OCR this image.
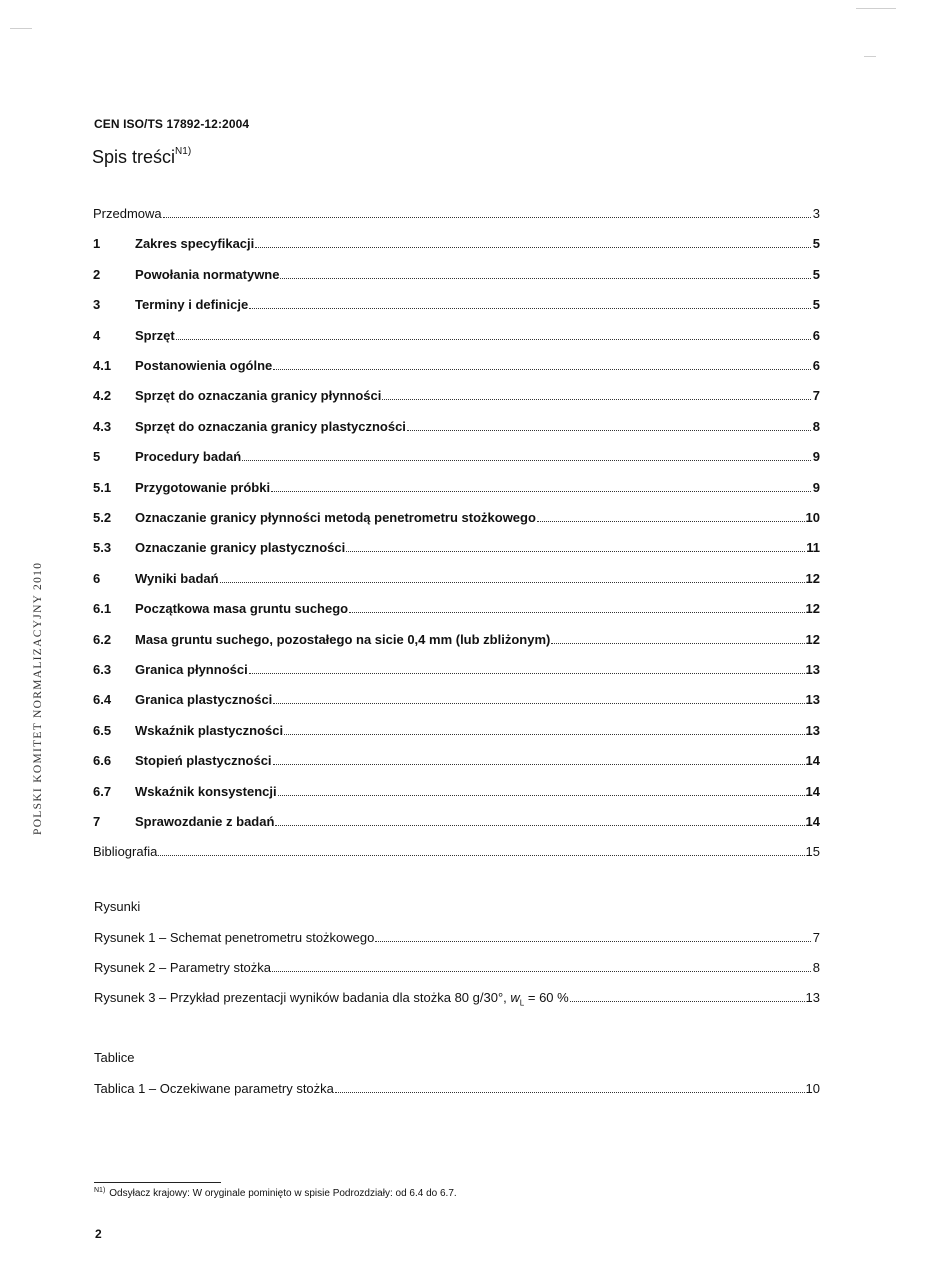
CEN ISO/TS 17892-12:2004
Spis treści$^{N1)}$
Przedmowa	3
1	Zakres specyfikacji	5
2	Powołania normatywne	5
3	Terminy i definicje	5
4	Sprzęt	6
4.1	Postanowienia ogólne	6
4.2	Sprzęt do oznaczania granicy płynności	7
4.3	Sprzęt do oznaczania granicy plastyczności	8
5	Procedury badań	9
5.1	Przygotowanie próbki	9
5.2	Oznaczanie granicy płynności metodą penetrometru stożkowego	10
5.3	Oznaczanie granicy plastyczności	11
6	Wyniki badań	12
6.1	Początkowa masa gruntu suchego	12
6.2	Masa gruntu suchego, pozostałego na sicie 0,4 mm (lub zbliżonym)	12
6.3	Granica płynności	13
6.4	Granica plastyczności	13
6.5	Wskaźnik plastyczności	13
6.6	Stopień plastyczności	14
6.7	Wskaźnik konsystencji	14
7	Sprawozdanie z badań	14
Bibliografia	15
Rysunki
Rysunek 1 – Schemat penetrometru stożkowego	7
Rysunek 2 – Parametry stożka	8
Rysunek 3 – Przykład prezentacji wyników badania dla stożka 80 g/30°, $w_L = 60$ %	13
Tablice
Tablica 1 – Oczekiwane parametry stożka	10
POLSKI KOMITET NORMALIZACYJNY 2010
$^{N1)}$ Odsyłacz krajowy: W oryginale pominięto w spisie Podrozdziały: od 6.4 do 6.7.
2
